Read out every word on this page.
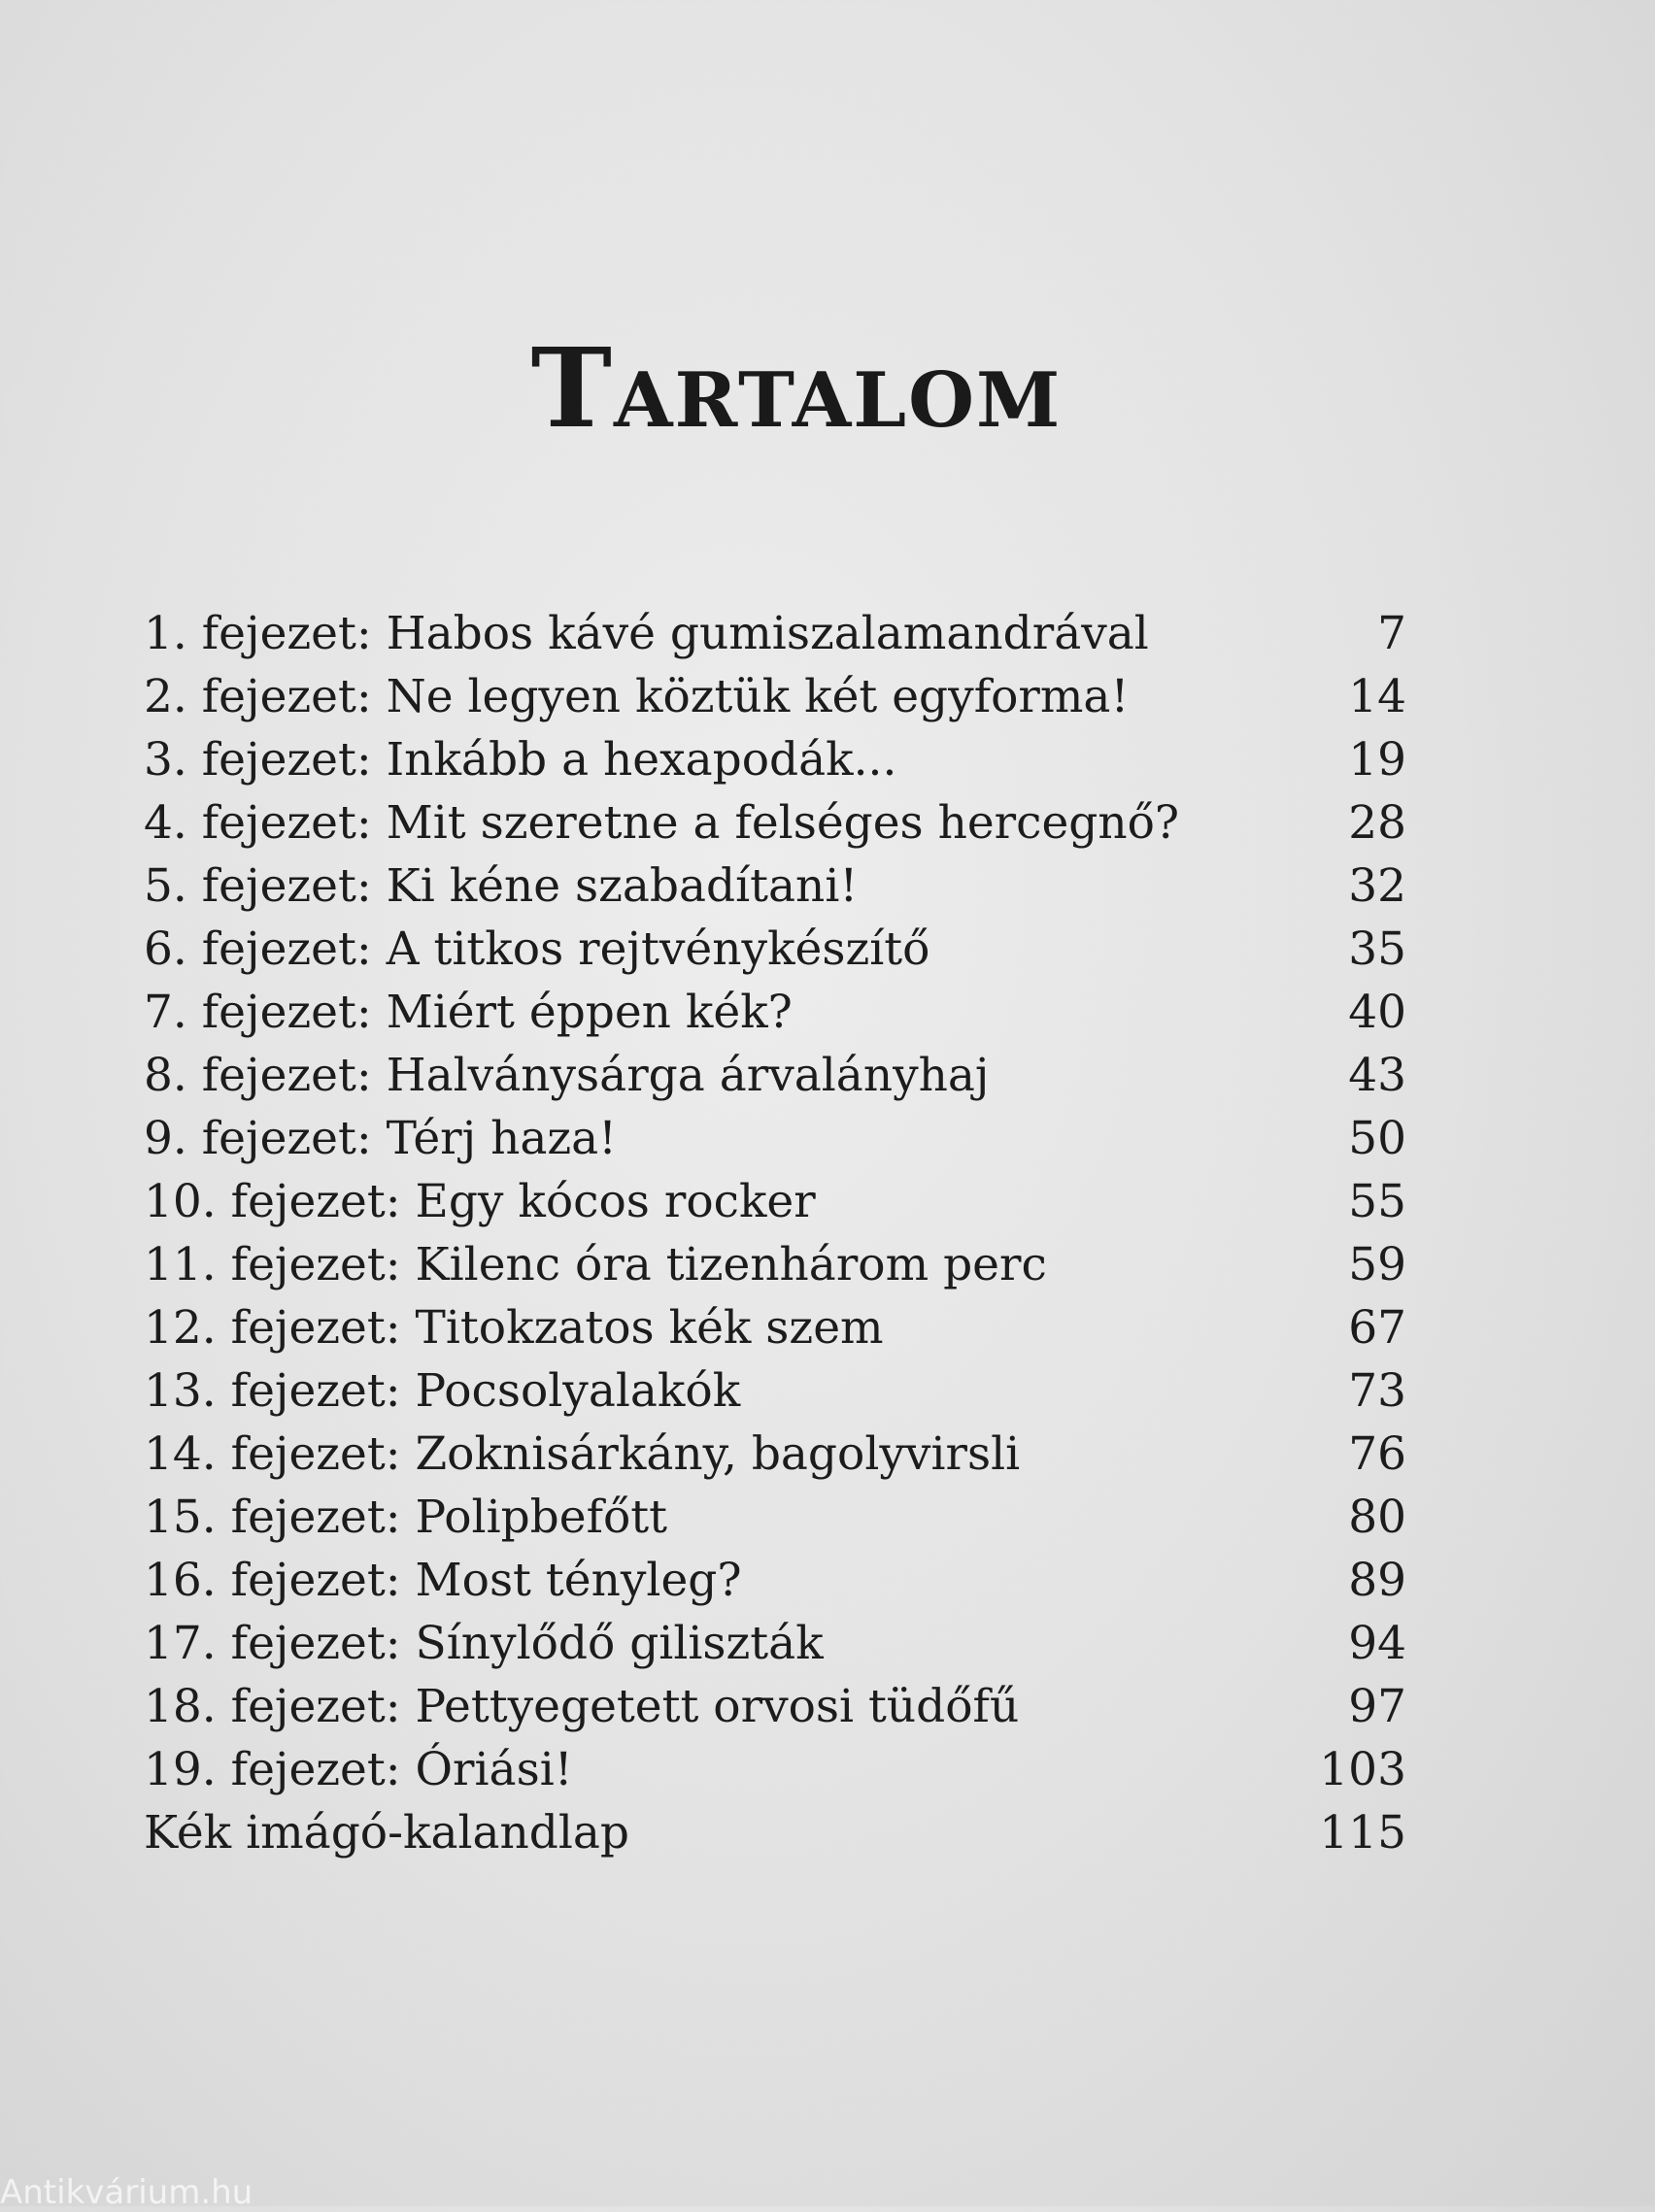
Tartalom
1. fejezet: Habos kávé gumiszalamandrával	7
2. fejezet: Ne legyen köztük két egyforma!	14
3. fejezet: Inkább a hexapodák...	19
4. fejezet: Mit szeretne a felséges hercegnő?	28
5. fejezet: Ki kéne szabadítani!	32
6. fejezet: A titkos rejtvénykészítő	35
7. fejezet: Miért éppen kék?	40
8. fejezet: Halványsárga árvalányhaj	43
9. fejezet: Térj haza!	50
10. fejezet: Egy kócos rocker	55
11. fejezet: Kilenc óra tizenhárom perc	59
12. fejezet: Titokzatos kék szem	67
13. fejezet: Pocsolyalakók	73
14. fejezet: Zoknisárkány, bagolyvirsli	76
15. fejezet: Polipbefőtt	80
16. fejezet: Most tényleg?	89
17. fejezet: Sínylődő giliszták	94
18. fejezet: Pettyegetett orvosi tüdőfű	97
19. fejezet: Óriási!	103
Kék imágó-kalandlap	115
Antikvárium.hu
